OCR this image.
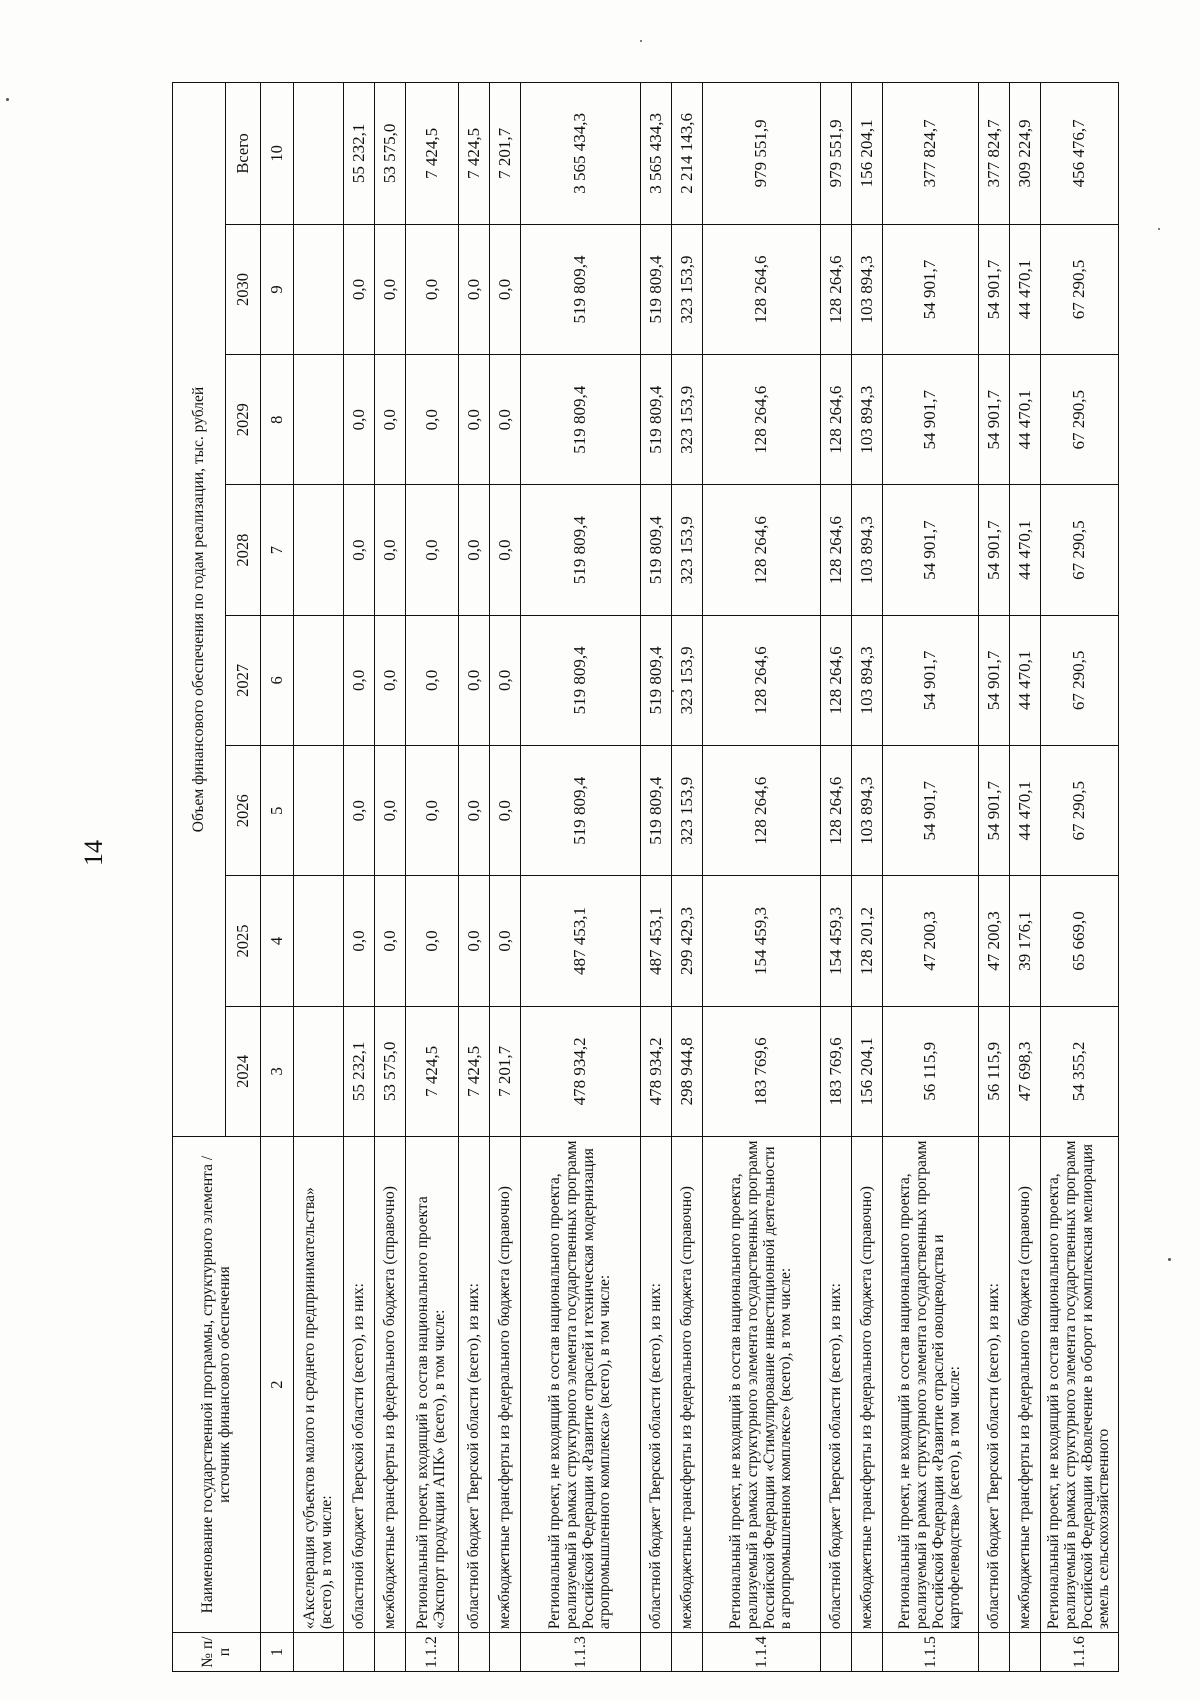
14
№ п/п	Наименование государственной программы, структурного элемента / источник финансового обеспечения	Объем финансового обеспечения по годам реализации, тыс. рублей							
		2024	2025	2026	2027	2028	2029	2030	Всего
1	2	3	4	5	6	7	8	9	10
	«Акселерация субъектов малого и среднего предпринимательства» (всего), в том числе:								
	областной бюджет Тверской области (всего), из них:	55 232,1	0,0	0,0	0,0	0,0	0,0	0,0	55 232,1
	межбюджетные трансферты из федерального бюджета (справочно)	53 575,0	0,0	0,0	0,0	0,0	0,0	0,0	53 575,0
1.1.2	Региональный проект, входящий в состав национального проекта «Экспорт продукции АПК» (всего), в том числе:	7 424,5	0,0	0,0	0,0	0,0	0,0	0,0	7 424,5
	областной бюджет Тверской области (всего), из них:	7 424,5	0,0	0,0	0,0	0,0	0,0	0,0	7 424,5
	межбюджетные трансферты из федерального бюджета (справочно)	7 201,7	0,0	0,0	0,0	0,0	0,0	0,0	7 201,7
1.1.3	Региональный проект, не входящий в состав национального проекта, реализуемый в рамках структурного элемента государственных программ Российской Федерации «Развитие отраслей и техническая модернизация агропромышленного комплекса» (всего), в том числе:	478 934,2	487 453,1	519 809,4	519 809,4	519 809,4	519 809,4	519 809,4	3 565 434,3
	областной бюджет Тверской области (всего), из них:	478 934,2	487 453,1	519 809,4	519 809,4	519 809,4	519 809,4	519 809,4	3 565 434,3
	межбюджетные трансферты из федерального бюджета (справочно)	298 944,8	299 429,3	323 153,9	323 153,9	323 153,9	323 153,9	323 153,9	2 214 143,6
1.1.4	Региональный проект, не входящий в состав национального проекта, реализуемый в рамках структурного элемента государственных программ Российской Федерации «Стимулирование инвестиционной деятельности в агропромышленном комплексе» (всего), в том числе:	183 769,6	154 459,3	128 264,6	128 264,6	128 264,6	128 264,6	128 264,6	979 551,9
	областной бюджет Тверской области (всего), из них:	183 769,6	154 459,3	128 264,6	128 264,6	128 264,6	128 264,6	128 264,6	979 551,9
	межбюджетные трансферты из федерального бюджета (справочно)	156 204,1	128 201,2	103 894,3	103 894,3	103 894,3	103 894,3	103 894,3	156 204,1
1.1.5	Региональный проект, не входящий в состав национального проекта, реализуемый в рамках структурного элемента государственных программ Российской Федерации «Развитие отраслей овощеводства и картофелеводства» (всего), в том числе:	56 115,9	47 200,3	54 901,7	54 901,7	54 901,7	54 901,7	54 901,7	377 824,7
	областной бюджет Тверской области (всего), из них:	56 115,9	47 200,3	54 901,7	54 901,7	54 901,7	54 901,7	54 901,7	377 824,7
	межбюджетные трансферты из федерального бюджета (справочно)	47 698,3	39 176,1	44 470,1	44 470,1	44 470,1	44 470,1	44 470,1	309 224,9
1.1.6	Региональный проект, не входящий в состав национального проекта, реализуемый в рамках структурного элемента государственных программ Российской Федерации «Вовлечение в оборот и комплексная мелиорация земель сельскохозяйственного	54 355,2	65 669,0	67 290,5	67 290,5	67 290,5	67 290,5	67 290,5	456 476,7
